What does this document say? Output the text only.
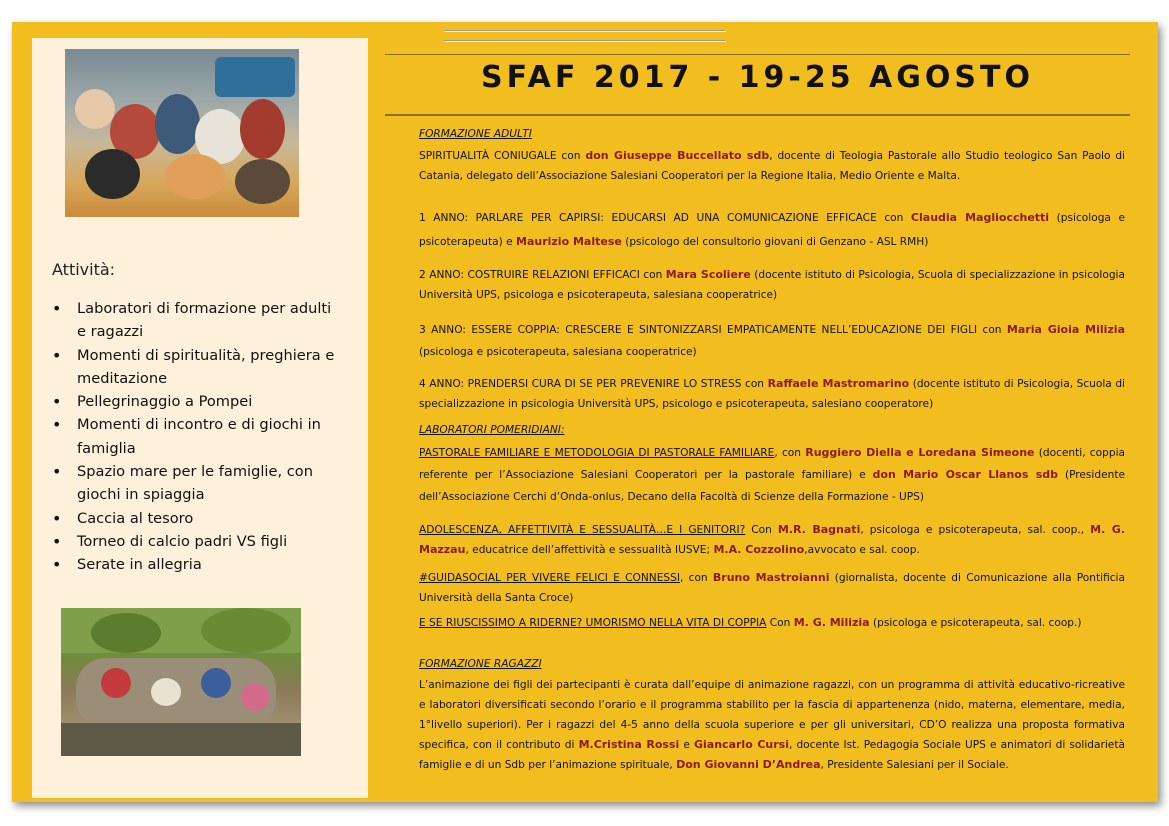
Attività:
• Laboratori di formazione per adulti e ragazzi
• Momenti di spiritualità, preghiera e meditazione
• Pellegrinaggio a Pompei
• Momenti di incontro e di giochi in famiglia
• Spazio mare per le famiglie, con giochi in spiaggia
• Caccia al tesoro
• Torneo di calcio padri VS figli
• Serate in allegria
SFAF 2017 - 19-25 AGOSTO

FORMAZIONE ADULTI

SPIRITUALITÀ CONIUGALE con don Giuseppe Buccellato sdb, docente di Teologia Pastorale allo Studio teologico San Paolo di Catania, delegato dell’Associazione Salesiani Cooperatori per la Regione Italia, Medio Oriente e Malta.

1 ANNO: PARLARE PER CAPIRSI: EDUCARSI AD UNA COMUNICAZIONE EFFICACE con Claudia Magliocchetti (psicologa e psicoterapeuta) e Maurizio Maltese (psicologo del consultorio giovani di Genzano - ASL RMH)

2 ANNO: COSTRUIRE RELAZIONI EFFICACI con Mara Scoliere (docente istituto di Psicologia, Scuola di specializzazione in psicologia Università UPS, psicologa e psicoterapeuta, salesiana cooperatrice)

3 ANNO: ESSERE COPPIA: CRESCERE E SINTONIZZARSI EMPATICAMENTE NELL’EDUCAZIONE DEI FIGLI con Maria Gioia Milizia (psicologa e psicoterapeuta, salesiana cooperatrice)

4 ANNO: PRENDERSI CURA DI SE PER PREVENIRE LO STRESS con Raffaele Mastromarino (docente istituto di Psicologia, Scuola di specializzazione in psicologia Università UPS, psicologo e psicoterapeuta, salesiano cooperatore)

LABORATORI POMERIDIANI:

PASTORALE FAMILIARE E METODOLOGIA DI PASTORALE FAMILIARE, con Ruggiero Diella e Loredana Simeone (docenti, coppia referente per l’Associazione Salesiani Cooperatori per la pastorale familiare) e don Mario Oscar Llanos sdb (Presidente dell’Associazione Cerchi d’Onda-onlus, Decano della Facoltà di Scienze della Formazione - UPS)

ADOLESCENZA, AFFETTIVITÀ E SESSUALITÀ…E I GENITORI? Con M.R. Bagnati, psicologa e psicoterapeuta, sal. coop., M. G. Mazzau, educatrice dell’affettività e sessualità IUSVE; M.A. Cozzolino,avvocato e sal. coop.

#GUIDASOCIAL PER VIVERE FELICI E CONNESSI, con Bruno Mastroianni (giornalista, docente di Comunicazione alla Pontificia Università della Santa Croce)

E SE RIUSCISSIMO A RIDERNE? UMORISMO NELLA VITA DI COPPIA Con M. G. Milizia (psicologa e psicoterapeuta, sal. coop.)

FORMAZIONE RAGAZZI

L’animazione dei figli dei partecipanti è curata dall’equipe di animazione ragazzi, con un programma di attività educativo-ricreative e laboratori diversificati secondo l’orario e il programma stabilito per la fascia di appartenenza (nido, materna, elementare, media, 1°livello superiori). Per i ragazzi del 4-5 anno della scuola superiore e per gli universitari, CD’O realizza una proposta formativa specifica, con il contributo di M.Cristina Rossi e Giancarlo Cursi, docente Ist. Pedagogia Sociale UPS e animatori di solidarietà famiglie e di un Sdb per l’animazione spirituale, Don Giovanni D’Andrea, Presidente Salesiani per il Sociale.
